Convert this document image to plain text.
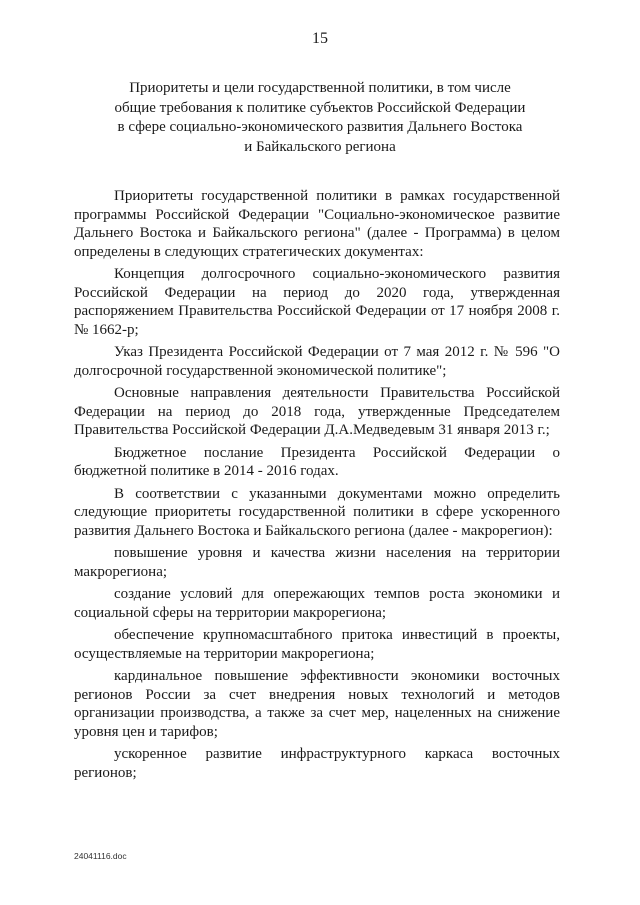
15
Приоритеты и цели государственной политики, в том числе
общие требования к политике субъектов Российской Федерации
в сфере социально-экономического развития Дальнего Востока
и Байкальского региона

Приоритеты государственной политики в рамках государственной программы Российской Федерации "Социально-экономическое развитие Дальнего Востока и Байкальского региона" (далее - Программа) в целом определены в следующих стратегических документах:

Концепция долгосрочного социально-экономического развития Российской Федерации на период до 2020 года, утвержденная распоряжением Правительства Российской Федерации от 17 ноября 2008 г. № 1662-р;

Указ Президента Российской Федерации от 7 мая 2012 г. № 596 "О долгосрочной государственной экономической политике";

Основные направления деятельности Правительства Российской Федерации на период до 2018 года, утвержденные Председателем Правительства Российской Федерации Д.А.Медведевым 31 января 2013 г.;

Бюджетное послание Президента Российской Федерации о бюджетной политике в 2014 - 2016 годах.

В соответствии с указанными документами можно определить следующие приоритеты государственной политики в сфере ускоренного развития Дальнего Востока и Байкальского региона (далее - макрорегион):

повышение уровня и качества жизни населения на территории макрорегиона;

создание условий для опережающих темпов роста экономики и социальной сферы на территории макрорегиона;

обеспечение крупномасштабного притока инвестиций в проекты, осуществляемые на территории макрорегиона;

кардинальное повышение эффективности экономики восточных регионов России за счет внедрения новых технологий и методов организации производства, а также за счет мер, нацеленных на снижение уровня цен и тарифов;

ускоренное развитие инфраструктурного каркаса восточных регионов;

24041116.doc
